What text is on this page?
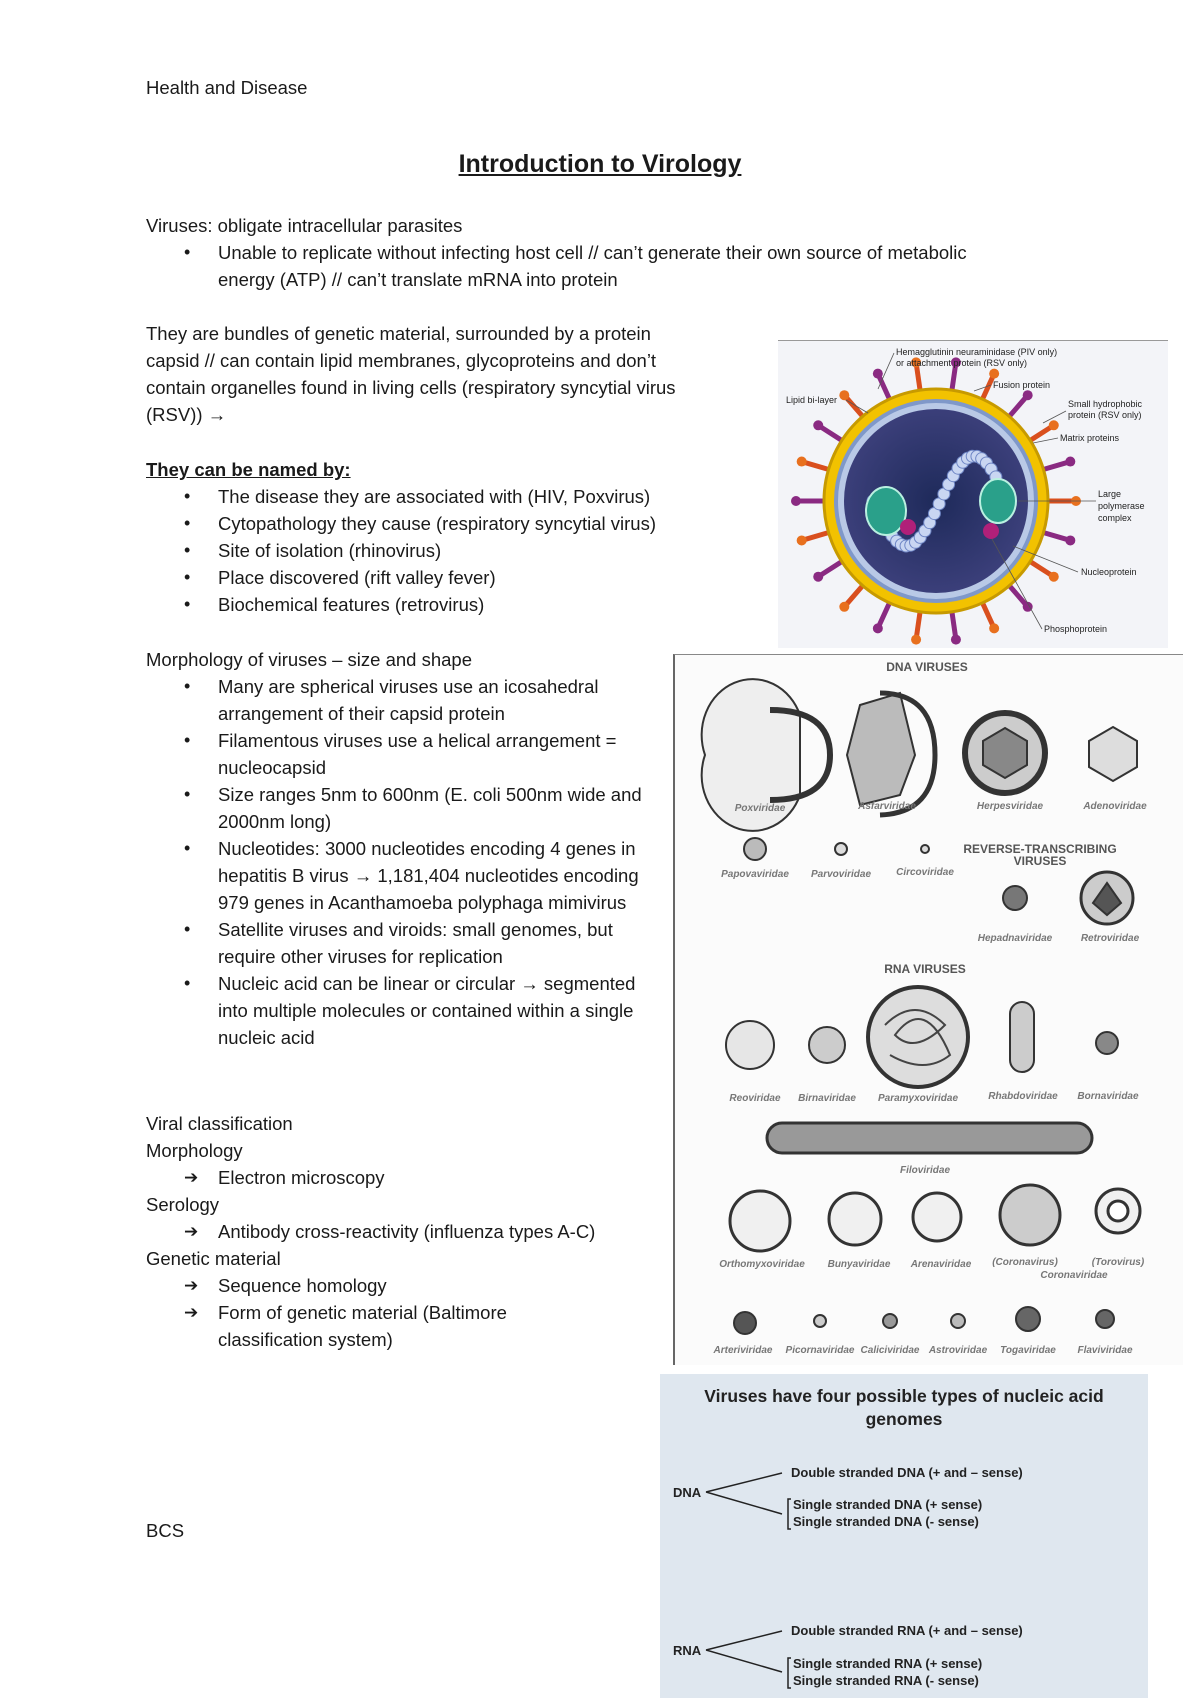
Health and Disease
Introduction to Virology
Viruses: obligate intracellular parasites
• Unable to replicate without infecting host cell // can’t generate their own source of metabolic energy (ATP) // can’t translate mRNA into protein
They are bundles of genetic material, surrounded by a protein
capsid // can contain lipid membranes, glycoproteins and don’t
contain organelles found in living cells (respiratory syncytial virus
(RSV)) →
They can be named by:
• The disease they are associated with (HIV, Poxvirus)
• Cytopathology they cause (respiratory syncytial virus)
• Site of isolation (rhinovirus)
• Place discovered (rift valley fever)
• Biochemical features (retrovirus)
Morphology of viruses – size and shape
• Many are spherical viruses use an icosahedral arrangement of their capsid protein
• Filamentous viruses use a helical arrangement = nucleocapsid
• Size ranges 5nm to 600nm (E. coli 500nm wide and 2000nm long)
• Nucleotides: 3000 nucleotides encoding 4 genes in hepatitis B virus → 1,181,404 nucleotides encoding 979 genes in Acanthamoeba polyphaga mimivirus
• Satellite viruses and viroids: small genomes, but require other viruses for replication
• Nucleic acid can be linear or circular → segmented into multiple molecules or contained within a single nucleic acid
Viral classification
Morphology
➔ Electron microscopy
Serology
➔ Antibody cross-reactivity (influenza types A-C)
Genetic material
➔ Sequence homology
➔ Form of genetic material (Baltimore classification system)
BCS
Lipid bi-layer
Hemagglutinin neuraminidase (PIV only)
or attachment protein (RSV only)
Fusion protein
Small hydrophobic
protein (RSV only)
Matrix proteins
Large
polymerase
complex
Nucleoprotein
Phosphoprotein
DNA VIRUSES
REVERSE-TRANSCRIBING
VIRUSES
RNA VIRUSES
Poxviridae	Asfarviridae	Herpesviridae	Adenoviridae
Papovaviridae Parvoviridae	Circoviridae
Hepadnaviridae	Retroviridae
Reoviridae Birnaviridae Paramyxoviridae	Rhabdoviridae Bornaviridae
Filoviridae
Orthomyxoviridae Bunyaviridae Arenaviridae (Coronavirus)	(Torovirus)
Coronaviridae
Arteriviridae Picornaviridae Caliciviridae Astroviridae Togaviridae Flaviviridae
Viruses have four possible types of nucleic acid
genomes
DNA
Double stranded DNA (+ and – sense)
Single stranded DNA (+ sense)
Single stranded DNA (- sense)
RNA
Double stranded RNA (+ and – sense)
Single stranded RNA (+ sense)
Single stranded RNA (- sense)
